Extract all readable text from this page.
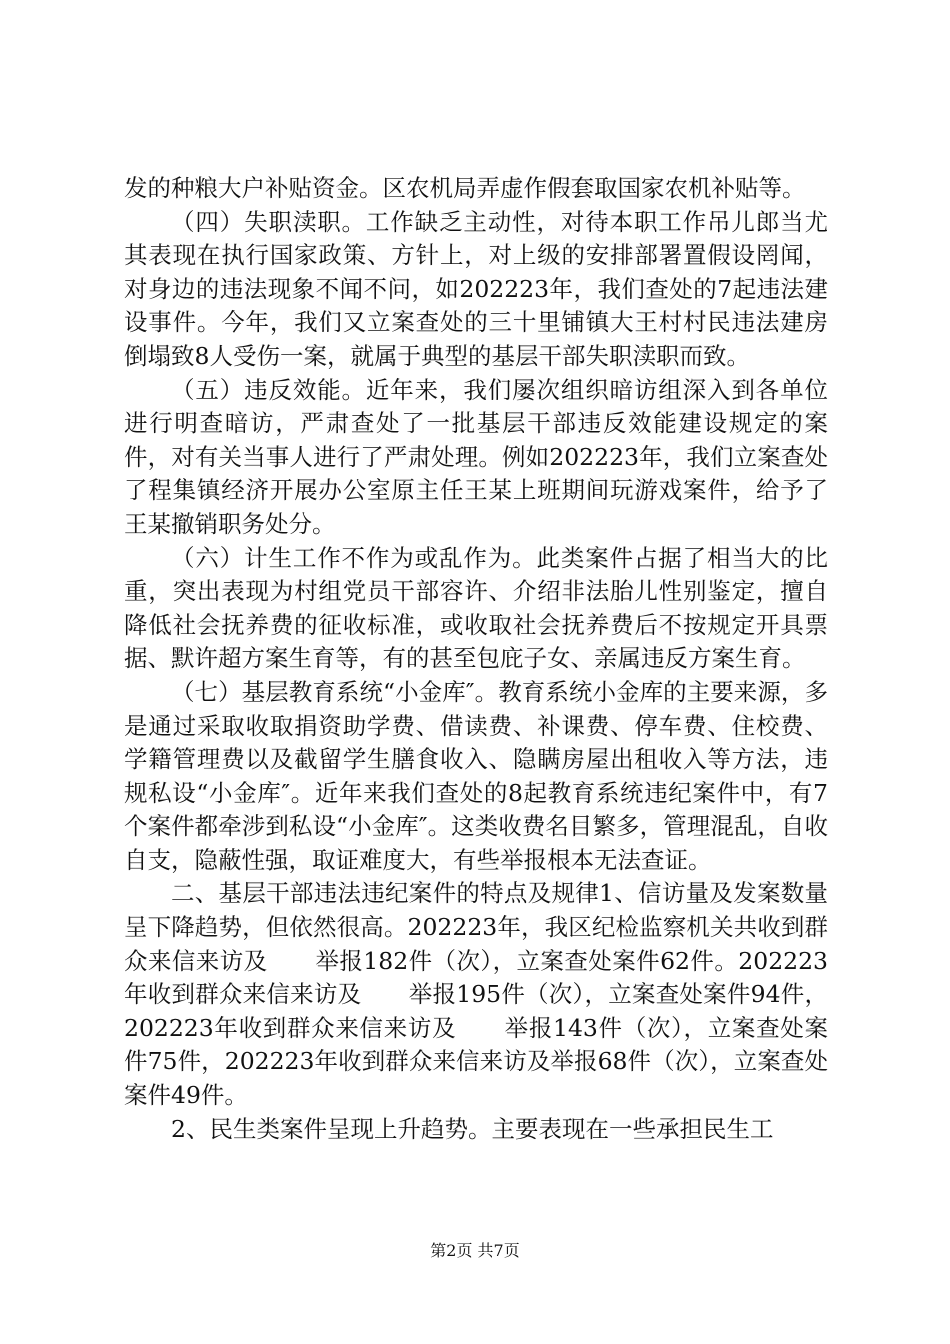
发的种粮大户补贴资金。区农机局弄虚作假套取国家农机补贴等。

（四）失职渎职。工作缺乏主动性，对待本职工作吊儿郎当尤其表现在执行国家政策、方针上，对上级的安排部署置假设罔闻，对身边的违法现象不闻不问，如202223年，我们查处的7起违法建设事件。今年，我们又立案查处的三十里铺镇大王村村民违法建房倒塌致8人受伤一案，就属于典型的基层干部失职渎职而致。

（五）违反效能。近年来，我们屡次组织暗访组深入到各单位进行明查暗访，严肃查处了一批基层干部违反效能建设规定的案件，对有关当事人进行了严肃处理。例如202223年，我们立案查处了程集镇经济开展办公室原主任王某上班期间玩游戏案件，给予了王某撤销职务处分。

（六）计生工作不作为或乱作为。此类案件占据了相当大的比重，突出表现为村组党员干部容许、介绍非法胎儿性别鉴定，擅自降低社会抚养费的征收标准，或收取社会抚养费后不按规定开具票据、默许超方案生育等，有的甚至包庇子女、亲属违反方案生育。

（七）基层教育系统“小金库″。教育系统小金库的主要来源，多是通过采取收取捐资助学费、借读费、补课费、停车费、住校费、学籍管理费以及截留学生膳食收入、隐瞒房屋出租收入等方法，违规私设“小金库″。近年来我们查处的8起教育系统违纪案件中，有7个案件都牵涉到私设“小金库″。这类收费名目繁多，管理混乱，自收自支，隐蔽性强，取证难度大，有些举报根本无法查证。

二、基层干部违法违纪案件的特点及规律1、信访量及发案数量呈下降趋势，但依然很高。202223年，我区纪检监察机关共收到群众来信来访及　　举报182件（次），立案查处案件62件。202223年收到群众来信来访及　　举报195件（次），立案查处案件94件，202223年收到群众来信来访及　　举报143件（次），立案查处案件75件，202223年收到群众来信来访及举报68件（次），立案查处案件49件。

2、民生类案件呈现上升趋势。主要表现在一些承担民生工

第2页 共7页
